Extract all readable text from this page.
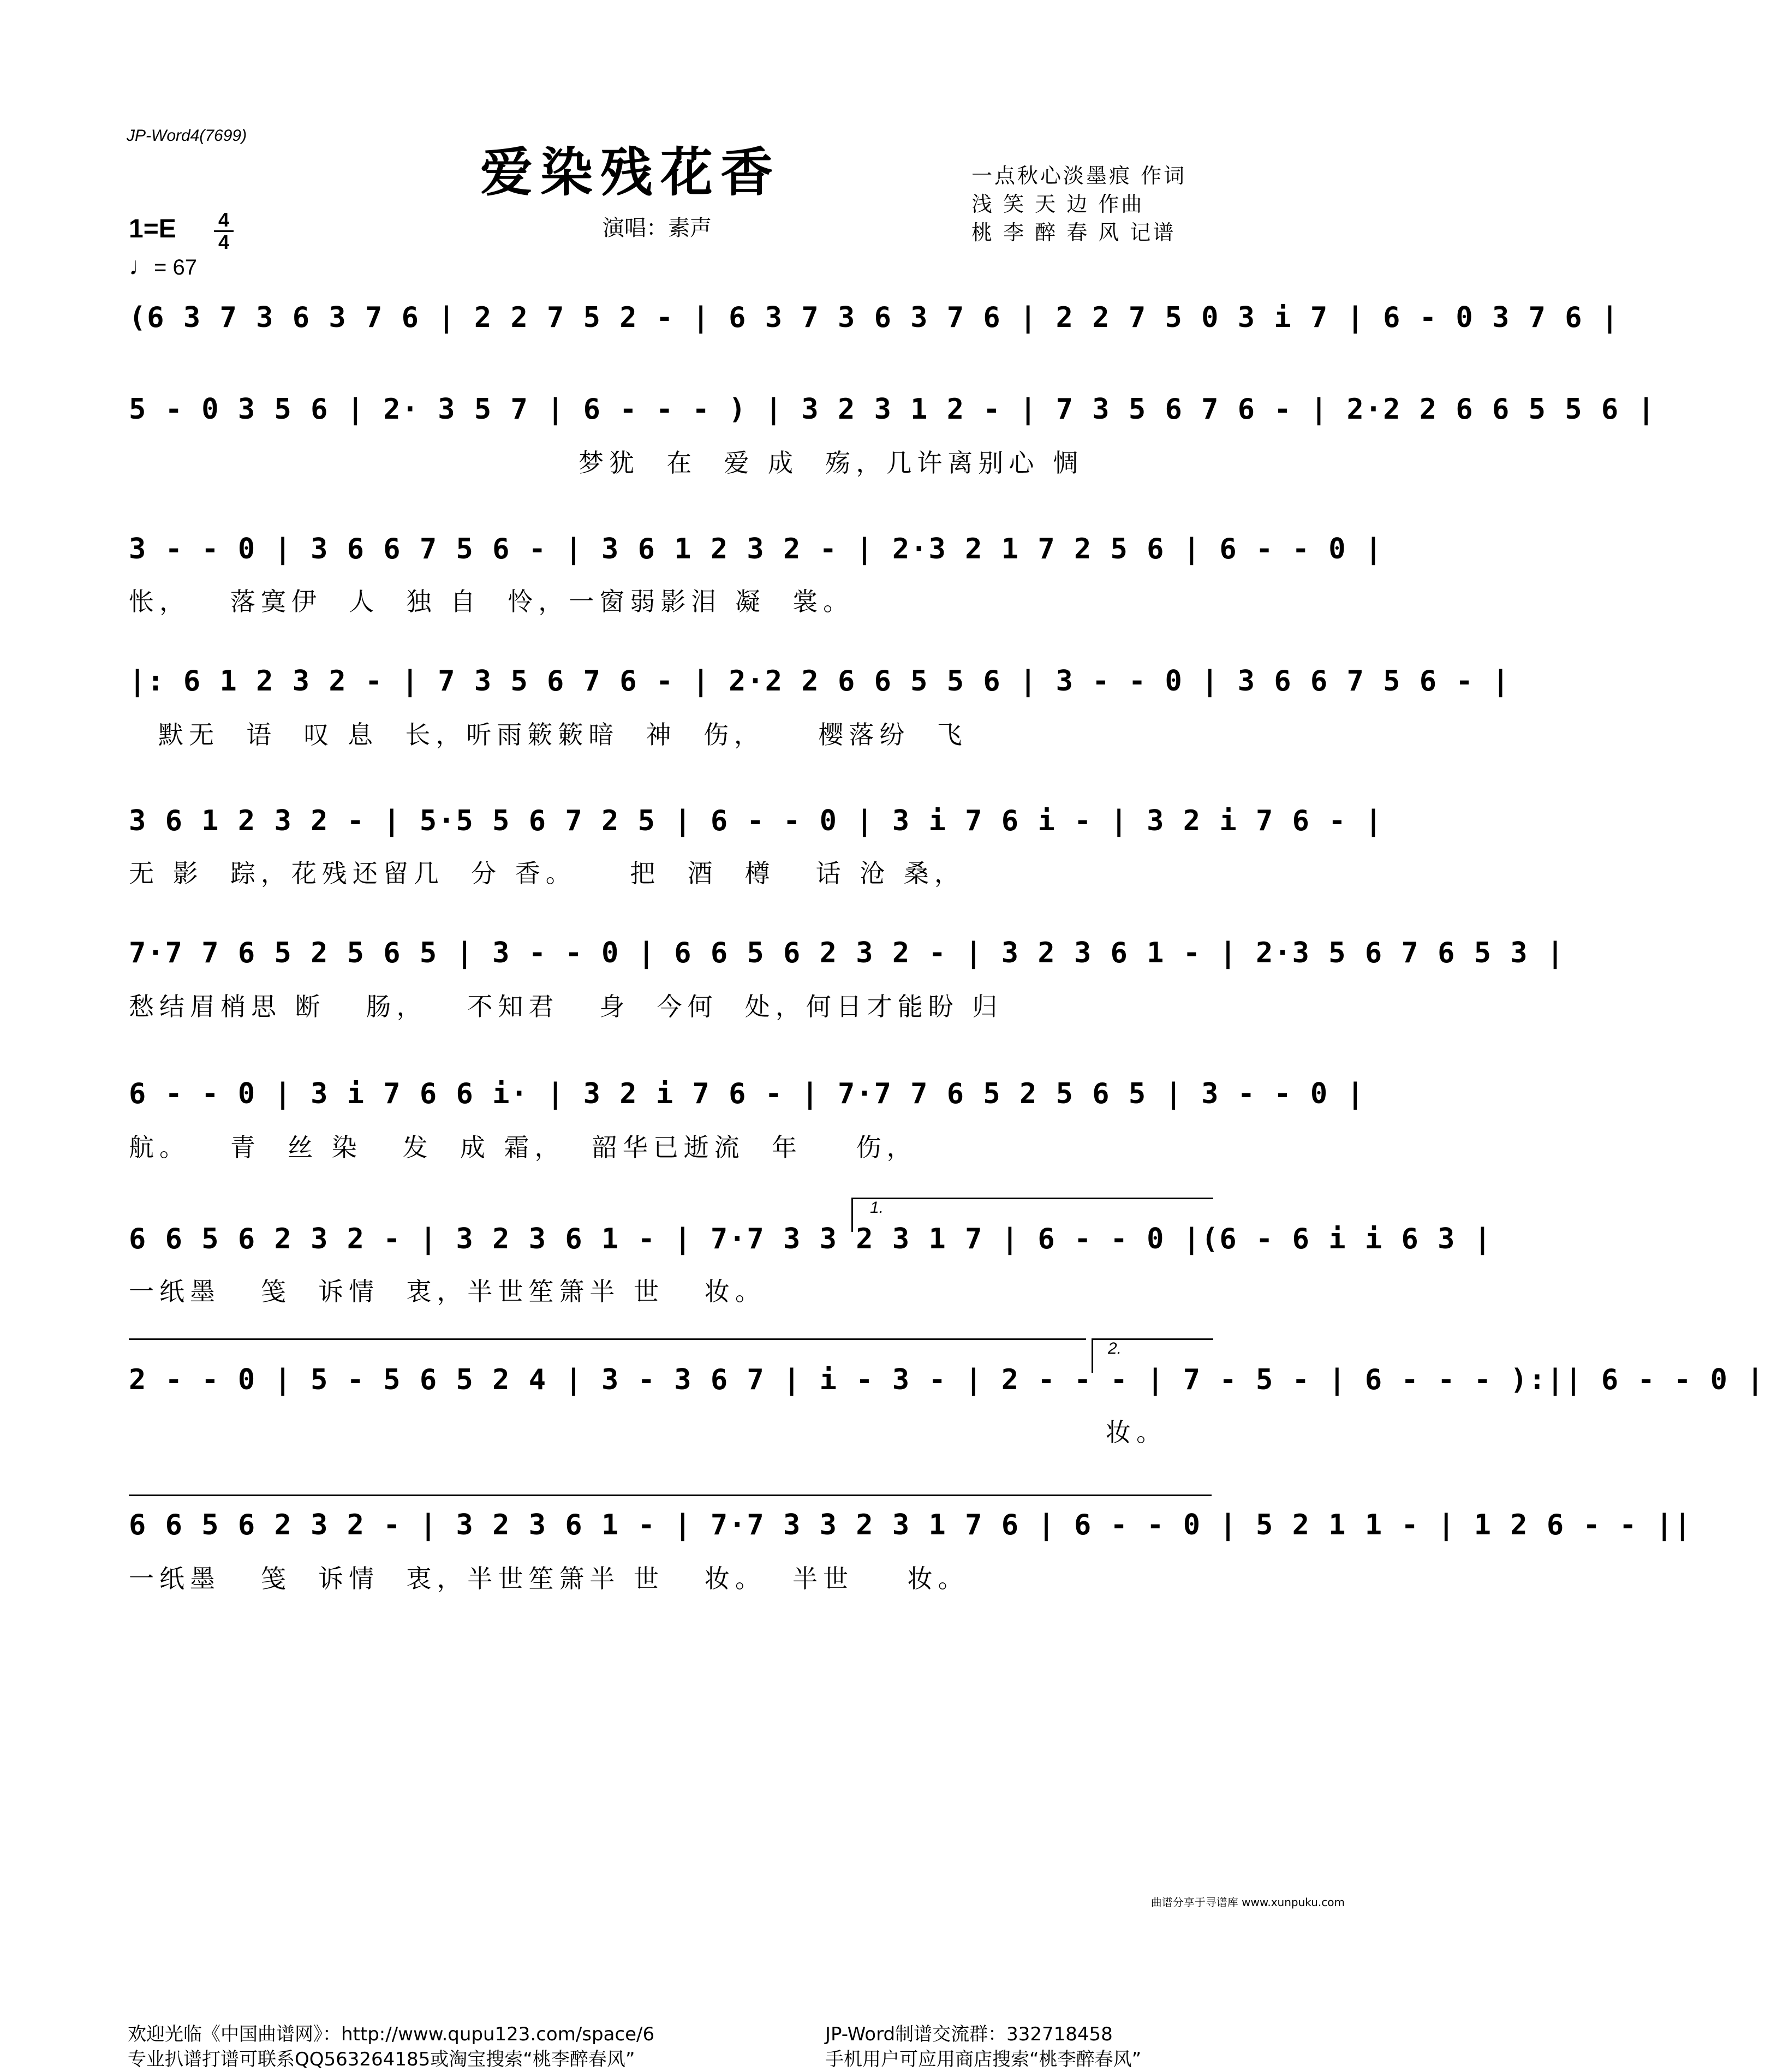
JP-Word4(7699)
爱染残花香
1=E	4
4
♩= 67
演唱：素声
一点秋心淡墨痕 作词
浅 笑 天 边 作曲
桃 李 醉 春 风 记谱
(6 3 7 3 6 3 7 6 | 2 2 7 5 2 - | 6 3 7 3 6 3 7 6 | 2 2 7 5 0 3 i 7 | 6 - 0 3 7 6 |
5 - 0 3 5 6 | 2· 3 5 7 | 6 - - - ) | 3 2 3 1 2 - | 7 3 5 6 7 6 - | 2·2 2 6 6 5 5 6 |
梦犹  在  爱 成  殇，几许离别心 惆
3 - - 0 | 3 6 6 7 5 6 - | 3 6 1 2 3 2 - | 2·3 2 1 7 2 5 6 | 6 - - 0 |
怅，   落寞伊  人  独 自  怜，一窗弱影泪 凝  裳。
|: 6 1 2 3 2 - | 7 3 5 6 7 6 - | 2·2 2 6 6 5 5 6 | 3 - - 0 | 3 6 6 7 5 6 - |
默无  语  叹 息  长，听雨簌簌暗  神  伤，    樱落纷  飞
3 6 1 2 3 2 - | 5·5 5 6 7 2 5 | 6 - - 0 | 3 i 7 6 i - | 3 2 i 7 6 - |
无 影  踪，花残还留几  分 香。    把  酒  樽   话 沧 桑，
7·7 7 6 5 2 5 6 5 | 3 - - 0 | 6 6 5 6 2 3 2 - | 3 2 3 6 1 - | 2·3 5 6 7 6 5 3 |
愁结眉梢思 断   肠，   不知君   身  今何  处，何日才能盼 归
6 - - 0 | 3 i 7 6 6 i· | 3 2 i 7 6 - | 7·7 7 6 5 2 5 6 5 | 3 - - 0 |
航。   青  丝 染   发  成 霜，  韶华已逝流  年    伤，
1.
6 6 5 6 2 3 2 - | 3 2 3 6 1 - | 7·7 3 3 2 3 1 7 | 6 - - 0 |(6 - 6 i i 6 3 |
一纸墨   笺  诉情  衷，半世笙箫半 世   妆。
2.
2 - - 0 | 5 - 5 6 5 2 4 | 3 - 3 6 7 | i - 3 - | 2 - - - | 7 - 5 - | 6 - - - ):|| 6 - - 0 |
妆。
6 6 5 6 2 3 2 - | 3 2 3 6 1 - | 7·7 3 3 2 3 1 7 6 | 6 - - 0 | 5 2 1 1 - | 1 2 6 - - ||
一纸墨   笺  诉情  衷，半世笙箫半 世   妆。  半世    妆。
欢迎光临《中国曲谱网》：http://www.qupu123.com/space/6
专业扒谱打谱可联系QQ563264185或淘宝搜索“桃李醉春风”
JP-Word制谱交流群：332718458
手机用户可应用商店搜索“桃李醉春风”
曲谱分享于寻谱库 www.xunpuku.com
